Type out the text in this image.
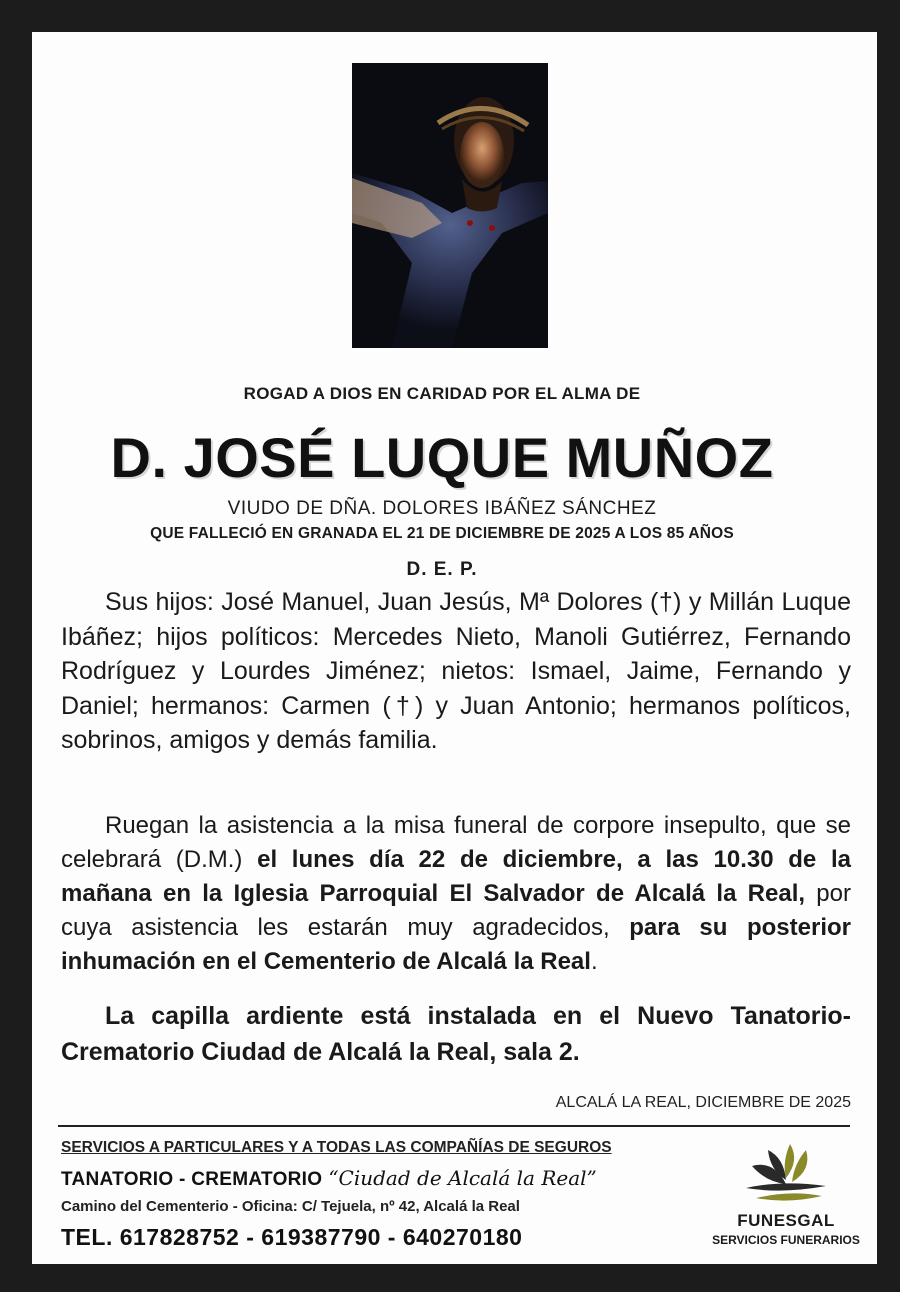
ROGAD A DIOS EN CARIDAD POR EL ALMA DE
D. JOSÉ LUQUE MUÑOZ
VIUDO DE DÑA. DOLORES IBÁÑEZ SÁNCHEZ
QUE FALLECIÓ EN GRANADA EL 21 DE DICIEMBRE DE 2025 A LOS 85 AÑOS
D. E. P.
Sus hijos: José Manuel, Juan Jesús, Mª Dolores (†) y Millán Luque Ibáñez; hijos políticos: Mercedes Nieto, Manoli Gutiérrez, Fernando Rodríguez y Lourdes Jiménez; nietos: Ismael, Jaime, Fernando y Daniel; hermanos: Carmen (†) y Juan Antonio; hermanos políticos, sobrinos, amigos y demás familia.
Ruegan la asistencia a la misa funeral de corpore insepulto, que se celebrará (D.M.) el lunes día 22 de diciembre, a las 10.30 de la mañana en la Iglesia Parroquial El Salvador de Alcalá la Real, por cuya asistencia les estarán muy agradecidos, para su posterior inhumación en el Cementerio de Alcalá la Real.
La capilla ardiente está instalada en el Nuevo Tanatorio-Crematorio Ciudad de Alcalá la Real, sala 2.
ALCALÁ LA REAL, DICIEMBRE DE 2025
SERVICIOS A PARTICULARES Y A TODAS LAS COMPAÑÍAS DE SEGUROS
TANATORIO - CREMATORIO “Ciudad de Alcalá la Real”
Camino del Cementerio - Oficina: C/ Tejuela, nº 42, Alcalá la Real
TEL. 617828752 - 619387790 - 640270180
FUNESGAL
SERVICIOS FUNERARIOS
